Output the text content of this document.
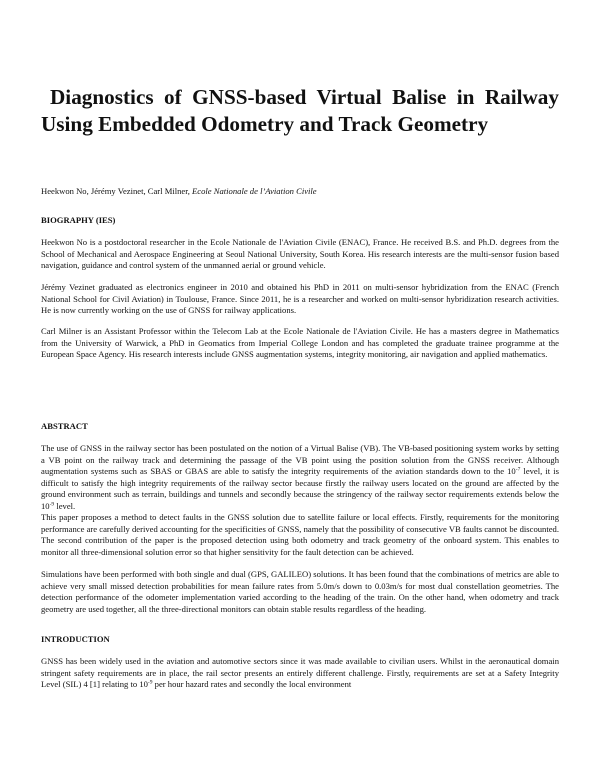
Diagnostics of GNSS-based Virtual Balise in Railway Using Embedded Odometry and Track Geometry
Heekwon No, Jérémy Vezinet, Carl Milner, Ecole Nationale de l’Aviation Civile
BIOGRAPHY (IES)

Heekwon No is a postdoctoral researcher in the Ecole Nationale de l'Aviation Civile (ENAC), France. He received B.S. and Ph.D. degrees from the School of Mechanical and Aerospace Engineering at Seoul National University, South Korea. His research interests are the multi-sensor fusion based navigation, guidance and control system of the unmanned aerial or ground vehicle.

Jérémy Vezinet graduated as electronics engineer in 2010 and obtained his PhD in 2011 on multi-sensor hybridization from the ENAC (French National School for Civil Aviation) in Toulouse, France. Since 2011, he is a researcher and worked on multi-sensor hybridization research activities. He is now currently working on the use of GNSS for railway applications.

Carl Milner is an Assistant Professor within the Telecom Lab at the Ecole Nationale de l'Aviation Civile. He has a masters degree in Mathematics from the University of Warwick, a PhD in Geomatics from Imperial College London and has completed the graduate trainee programme at the European Space Agency. His research interests include GNSS augmentation systems, integrity monitoring, air navigation and applied mathematics.

ABSTRACT

The use of GNSS in the railway sector has been postulated on the notion of a Virtual Balise (VB). The VB-based positioning system works by setting a VB point on the railway track and determining the passage of the VB point using the position solution from the GNSS receiver. Although augmentation systems such as SBAS or GBAS are able to satisfy the integrity requirements of the aviation standards down to the $10^{-7}$ level, it is difficult to satisfy the high integrity requirements of the railway sector because firstly the railway users located on the ground are affected by the ground environment such as terrain, buildings and tunnels and secondly because the stringency of the railway sector requirements extends below the $10^{-9}$ level.

This paper proposes a method to detect faults in the GNSS solution due to satellite failure or local effects. Firstly, requirements for the monitoring performance are carefully derived accounting for the specificities of GNSS, namely that the possibility of consecutive VB faults cannot be discounted. The second contribution of the paper is the proposed detection using both odometry and track geometry of the onboard system. This enables to monitor all three-dimensional solution error so that higher sensitivity for the fault detection can be achieved.

Simulations have been performed with both single and dual (GPS, GALILEO) solutions. It has been found that the combinations of metrics are able to achieve very small missed detection probabilities for mean failure rates from 5.0m/s down to 0.03m/s for most dual constellation geometries. The detection performance of the odometer implementation varied according to the heading of the train. On the other hand, when odometry and track geometry are used together, all the three-directional monitors can obtain stable results regardless of the heading.

INTRODUCTION

GNSS has been widely used in the aviation and automotive sectors since it was made available to civilian users. Whilst in the aeronautical domain stringent safety requirements are in place, the rail sector presents an entirely different challenge. Firstly, requirements are set at a Safety Integrity Level (SIL) 4 [1] relating to $10^{-9}$ per hour hazard rates and secondly the local environment
